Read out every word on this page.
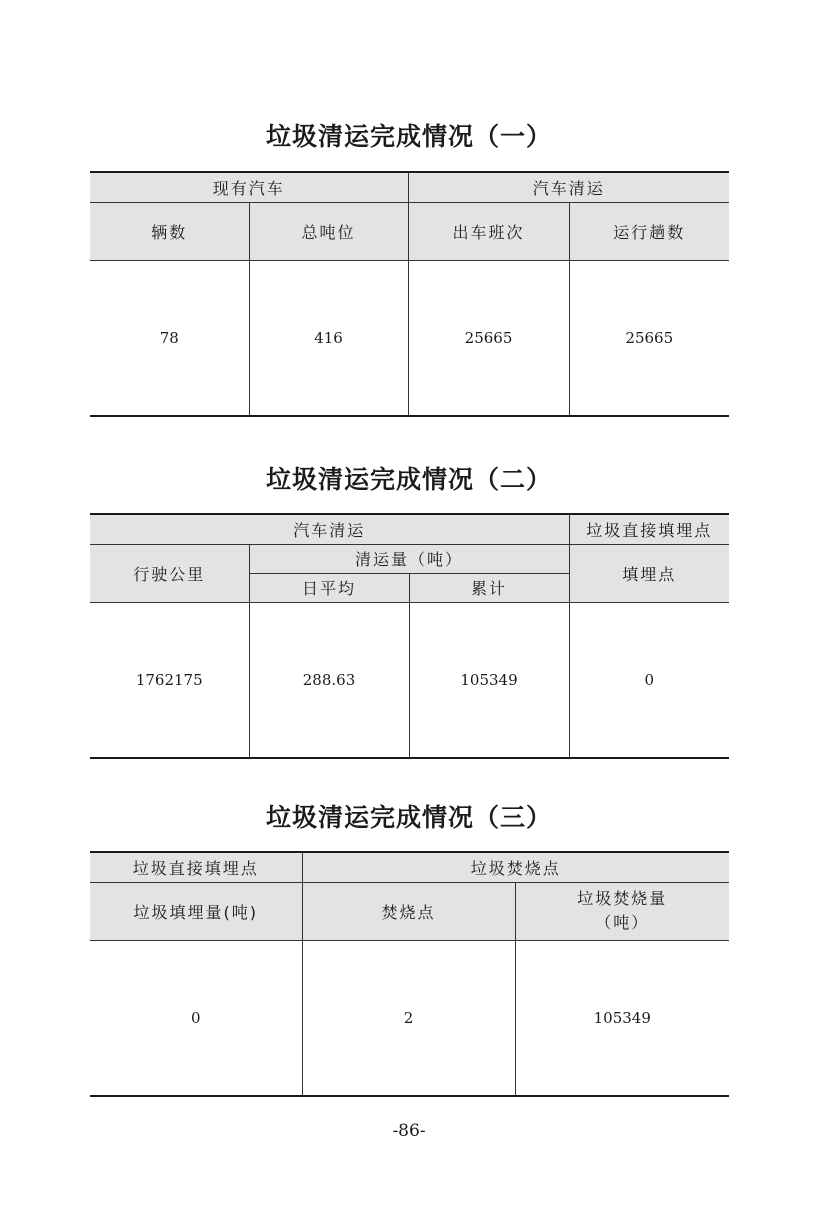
垃圾清运完成情况（一）
现有汽车		汽车清运	
辆数	总吨位	出车班次	运行趟数
78	416	25665	25665
垃圾清运完成情况（二）
汽车清运			垃圾直接填埋点
行驶公里	清运量（吨）		填埋点
	日平均	累计	
1762175	288.63	105349	0
垃圾清运完成情况（三）
垃圾直接填埋点	垃圾焚烧点	
垃圾填埋量(吨)	焚烧点	垃圾焚烧量
（吨）

0	2	105349
-86-
